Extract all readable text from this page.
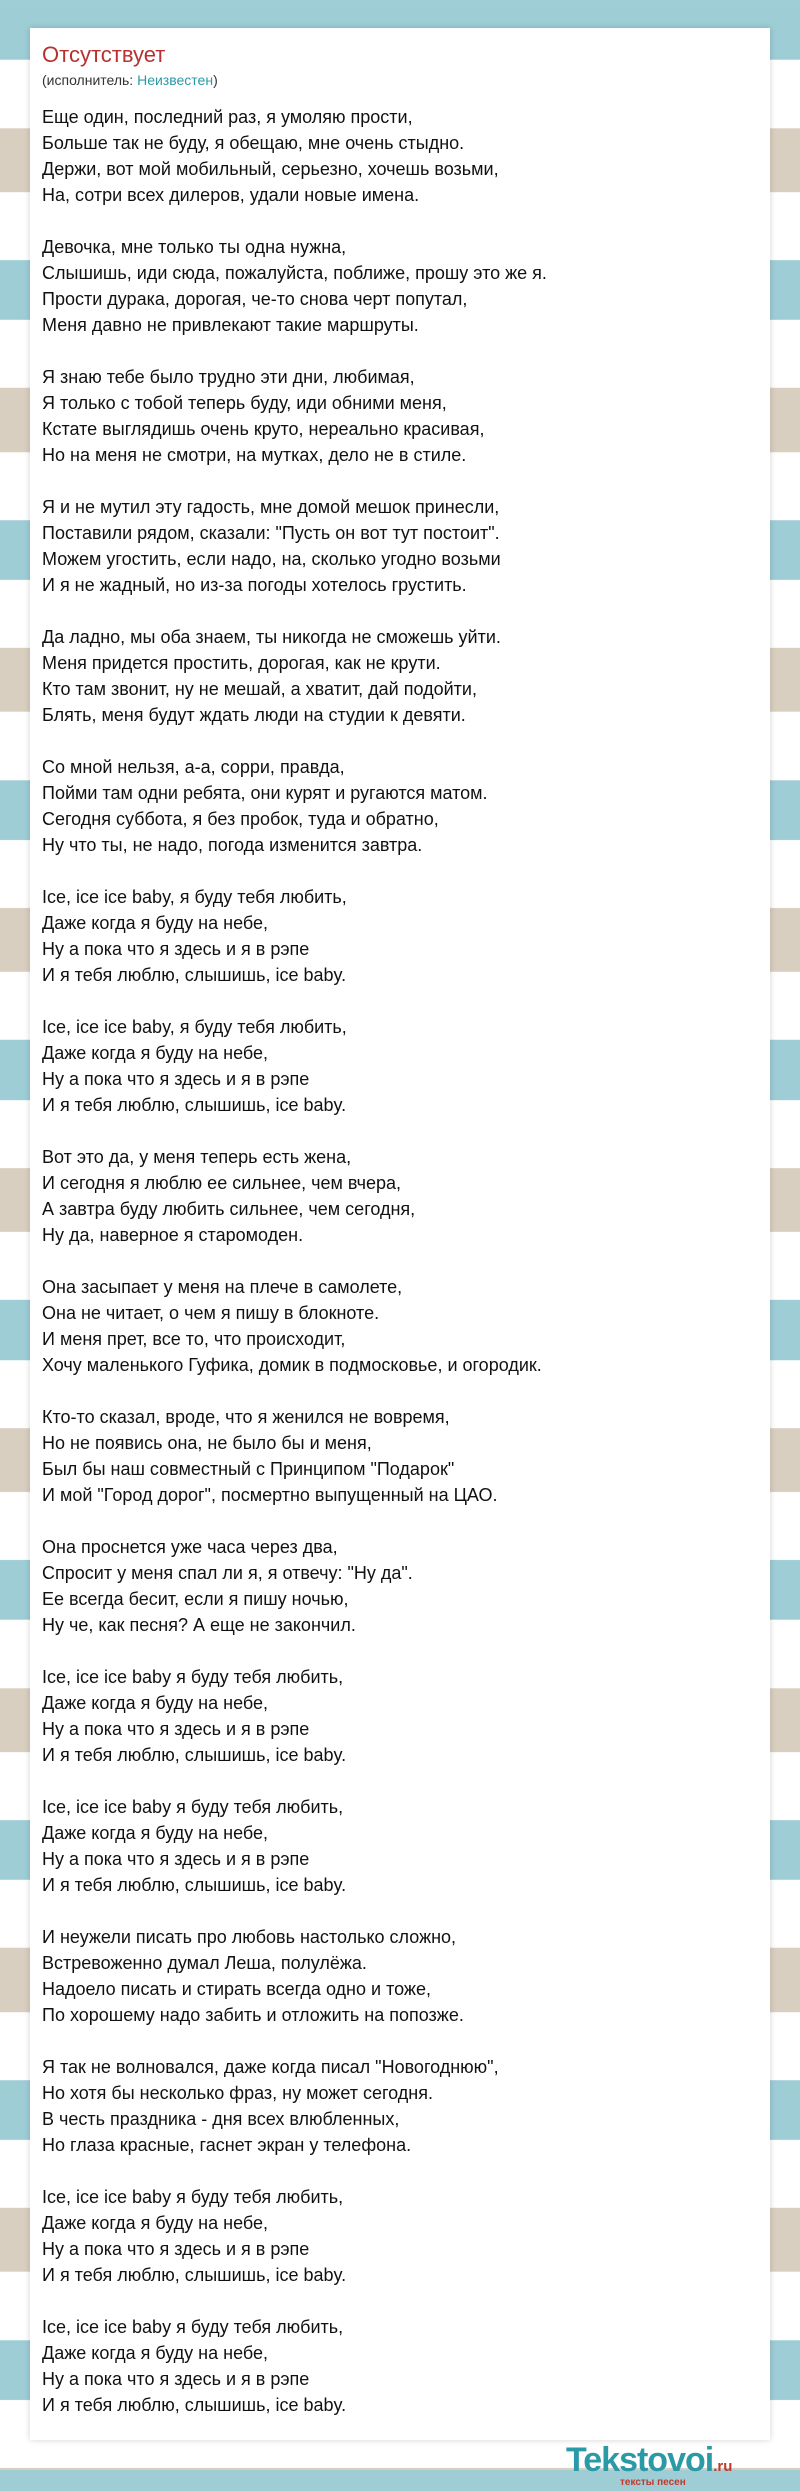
Отсутствует
(исполнитель: Неизвестен)
Еще один, последний раз, я умоляю прости,
Больше так не буду, я обещаю, мне очень стыдно.
Держи, вот мой мобильный, серьезно, хочешь возьми,
На, сотри всех дилеров, удали новые имена.
Девочка, мне только ты одна нужна,
Слышишь, иди сюда, пожалуйста, поближе, прошу это же я.
Прости дурака, дорогая, че-то снова черт попутал,
Меня давно не привлекают такие маршруты.
Я знаю тебе было трудно эти дни, любимая,
Я только с тобой теперь буду, иди обними меня,
Кстате выглядишь очень круто, нереально красивая,
Но на меня не смотри, на мутках, дело не в стиле.
Я и не мутил эту гадость, мне домой мешок принесли,
Поставили рядом, сказали: "Пусть он вот тут постоит".
Можем угостить, если надо, на, сколько угодно возьми
И я не жадный, но из-за погоды хотелось грустить.
Да ладно, мы оба знаем, ты никогда не сможешь уйти.
Меня придется простить, дорогая, как не крути.
Кто там звонит, ну не мешай, а хватит, дай подойти,
Блять, меня будут ждать люди на студии к девяти.
Со мной нельзя, а-а, сорри, правда,
Пойми там одни ребята, они курят и ругаются матом.
Сегодня суббота, я без пробок, туда и обратно,
Ну что ты, не надо, погода изменится завтра.
Ice, ice ice baby, я буду тебя любить,
Даже когда я буду на небе,
Ну а пока что я здесь и я в рэпе
И я тебя люблю, слышишь, ice baby.
Ice, ice ice baby, я буду тебя любить,
Даже когда я буду на небе,
Ну а пока что я здесь и я в рэпе
И я тебя люблю, слышишь, ice baby.
Вот это да, у меня теперь есть жена,
И сегодня я люблю ее сильнее, чем вчера,
А завтра буду любить сильнее, чем сегодня,
Ну да, наверное я старомоден.
Она засыпает у меня на плече в самолете,
Она не читает, о чем я пишу в блокноте.
И меня прет, все то, что происходит,
Хочу маленького Гуфика, домик в подмосковье, и огородик.
Кто-то сказал, вроде, что я женился не вовремя,
Но не появись она, не было бы и меня,
Был бы наш совместный с Принципом "Подарок"
И мой "Город дорог", посмертно выпущенный на ЦАО.
Она проснется уже часа через два,
Спросит у меня спал ли я, я отвечу: "Ну да".
Ее всегда бесит, если я пишу ночью,
Ну че, как песня? А еще не закончил.
Ice, ice ice baby я буду тебя любить,
Даже когда я буду на небе,
Ну а пока что я здесь и я в рэпе
И я тебя люблю, слышишь, ice baby.
Ice, ice ice baby я буду тебя любить,
Даже когда я буду на небе,
Ну а пока что я здесь и я в рэпе
И я тебя люблю, слышишь, ice baby.
И неужели писать про любовь настолько сложно,
Встревоженно думал Леша, полулёжа.
Надоело писать и стирать всегда одно и тоже,
По хорошему надо забить и отложить на попозже.
Я так не волновался, даже когда писал "Новогоднюю",
Но хотя бы несколько фраз, ну может сегодня.
В честь праздника - дня всех влюбленных,
Но глаза красные, гаснет экран у телефона.
Ice, ice ice baby я буду тебя любить,
Даже когда я буду на небе,
Ну а пока что я здесь и я в рэпе
И я тебя люблю, слышишь, ice baby.
Ice, ice ice baby я буду тебя любить,
Даже когда я буду на небе,
Ну а пока что я здесь и я в рэпе
И я тебя люблю, слышишь, ice baby.
Tekstovoi.ru
тексты песен
